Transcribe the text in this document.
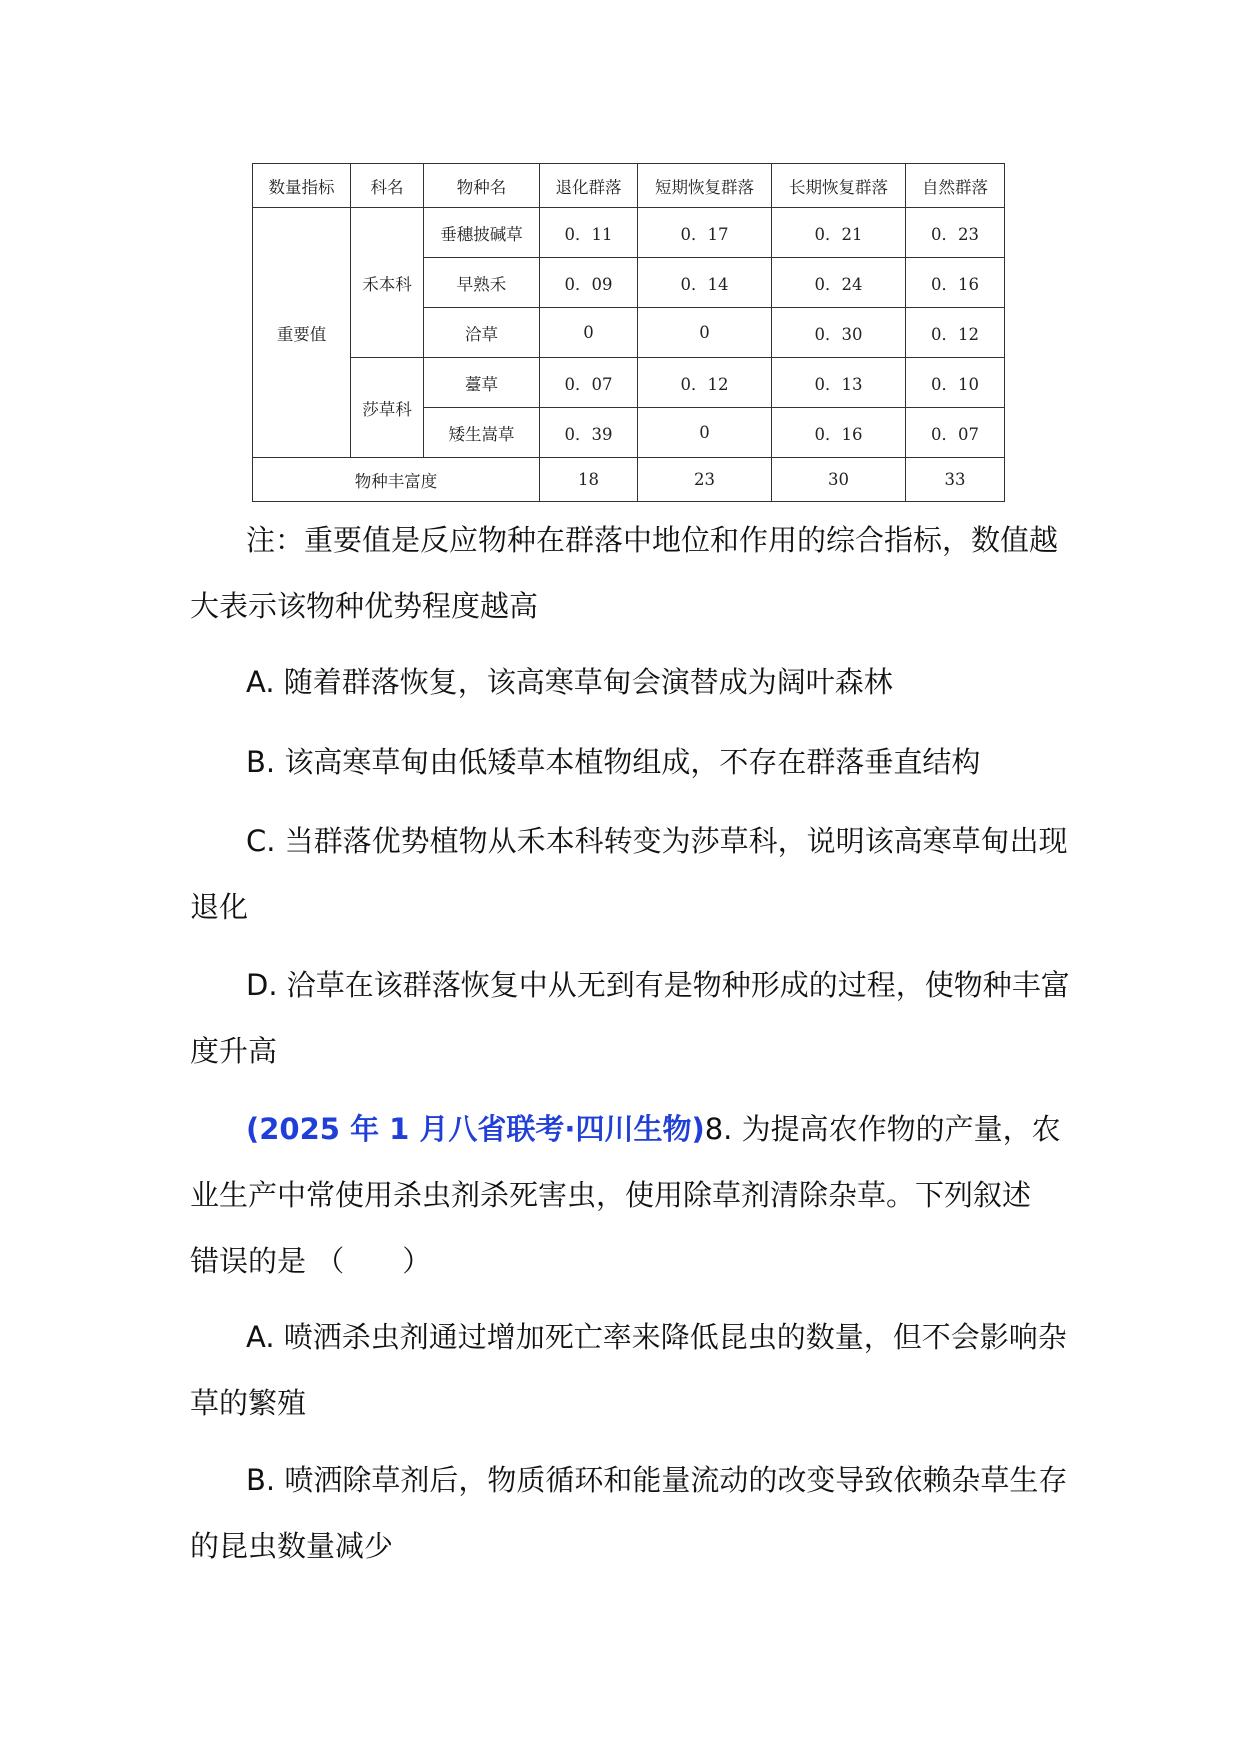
数量指标	科名	物种名	退化群落	短期恢复群落	长期恢复群落	自然群落
重要值	禾本科	垂穗披碱草	0．11	0．17	0．21	0．23
		早熟禾	0．09	0．14	0．24	0．16
		洽草	0	0	0．30	0．12
	莎草科	薹草	0．07	0．12	0．13	0．10
		矮生嵩草	0．39	0	0．16	0．07
物种丰富度			18	23	30	33
注：重要值是反应物种在群落中地位和作用的综合指标，数值越
大表示该物种优势程度越高
A. 随着群落恢复，该高寒草甸会演替成为阔叶森林
B. 该高寒草甸由低矮草本植物组成，不存在群落垂直结构
C. 当群落优势植物从禾本科转变为莎草科，说明该高寒草甸出现
退化
D. 洽草在该群落恢复中从无到有是物种形成的过程，使物种丰富
度升高
(2025 年 1 月八省联考·四川生物)8. 为提高农作物的产量，农
业生产中常使用杀虫剂杀死害虫，使用除草剂清除杂草。下列叙述
错误的是 （　　）
A. 喷洒杀虫剂通过增加死亡率来降低昆虫的数量，但不会影响杂
草的繁殖
B. 喷洒除草剂后，物质循环和能量流动的改变导致依赖杂草生存
的昆虫数量减少
